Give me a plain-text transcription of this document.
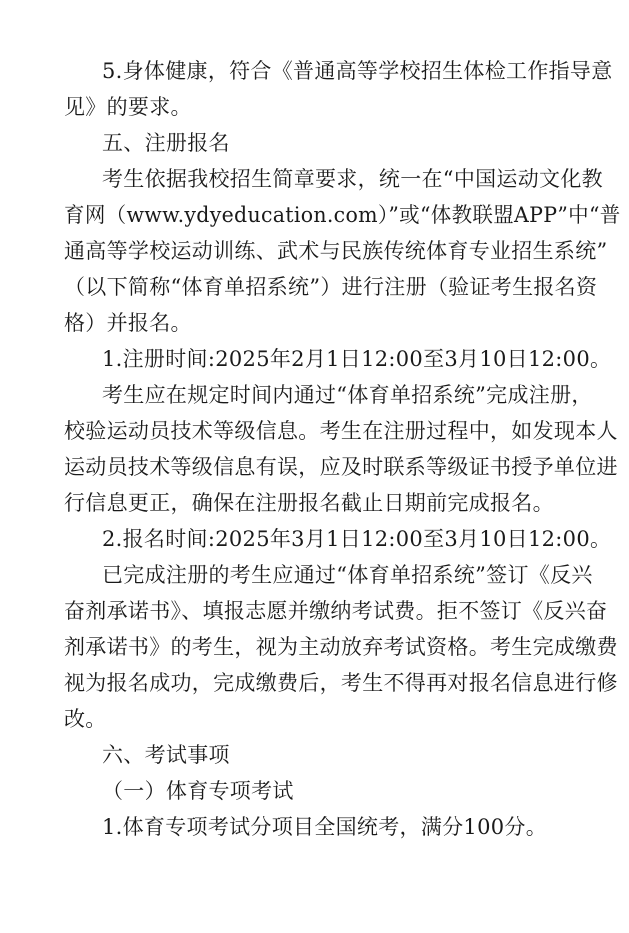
5.身体健康，符合《普通高等学校招生体检工作指导意
见》的要求。
五、注册报名
考生依据我校招生简章要求，统一在“中国运动文化教
育网（www.ydyeducation.com）”或“体教联盟APP”中“普
通高等学校运动训练、武术与民族传统体育专业招生系统”
（以下简称“体育单招系统”）进行注册（验证考生报名资
格）并报名。
1.注册时间:2025年2月1日12:00至3月10日12:00。
考生应在规定时间内通过“体育单招系统”完成注册，
校验运动员技术等级信息。考生在注册过程中，如发现本人
运动员技术等级信息有误，应及时联系等级证书授予单位进
行信息更正，确保在注册报名截止日期前完成报名。
2.报名时间:2025年3月1日12:00至3月10日12:00。
已完成注册的考生应通过“体育单招系统”签订《反兴
奋剂承诺书》、填报志愿并缴纳考试费。拒不签订《反兴奋
剂承诺书》的考生，视为主动放弃考试资格。考生完成缴费
视为报名成功，完成缴费后，考生不得再对报名信息进行修
改。
六、考试事项
（一）体育专项考试
1.体育专项考试分项目全国统考，满分100分。
